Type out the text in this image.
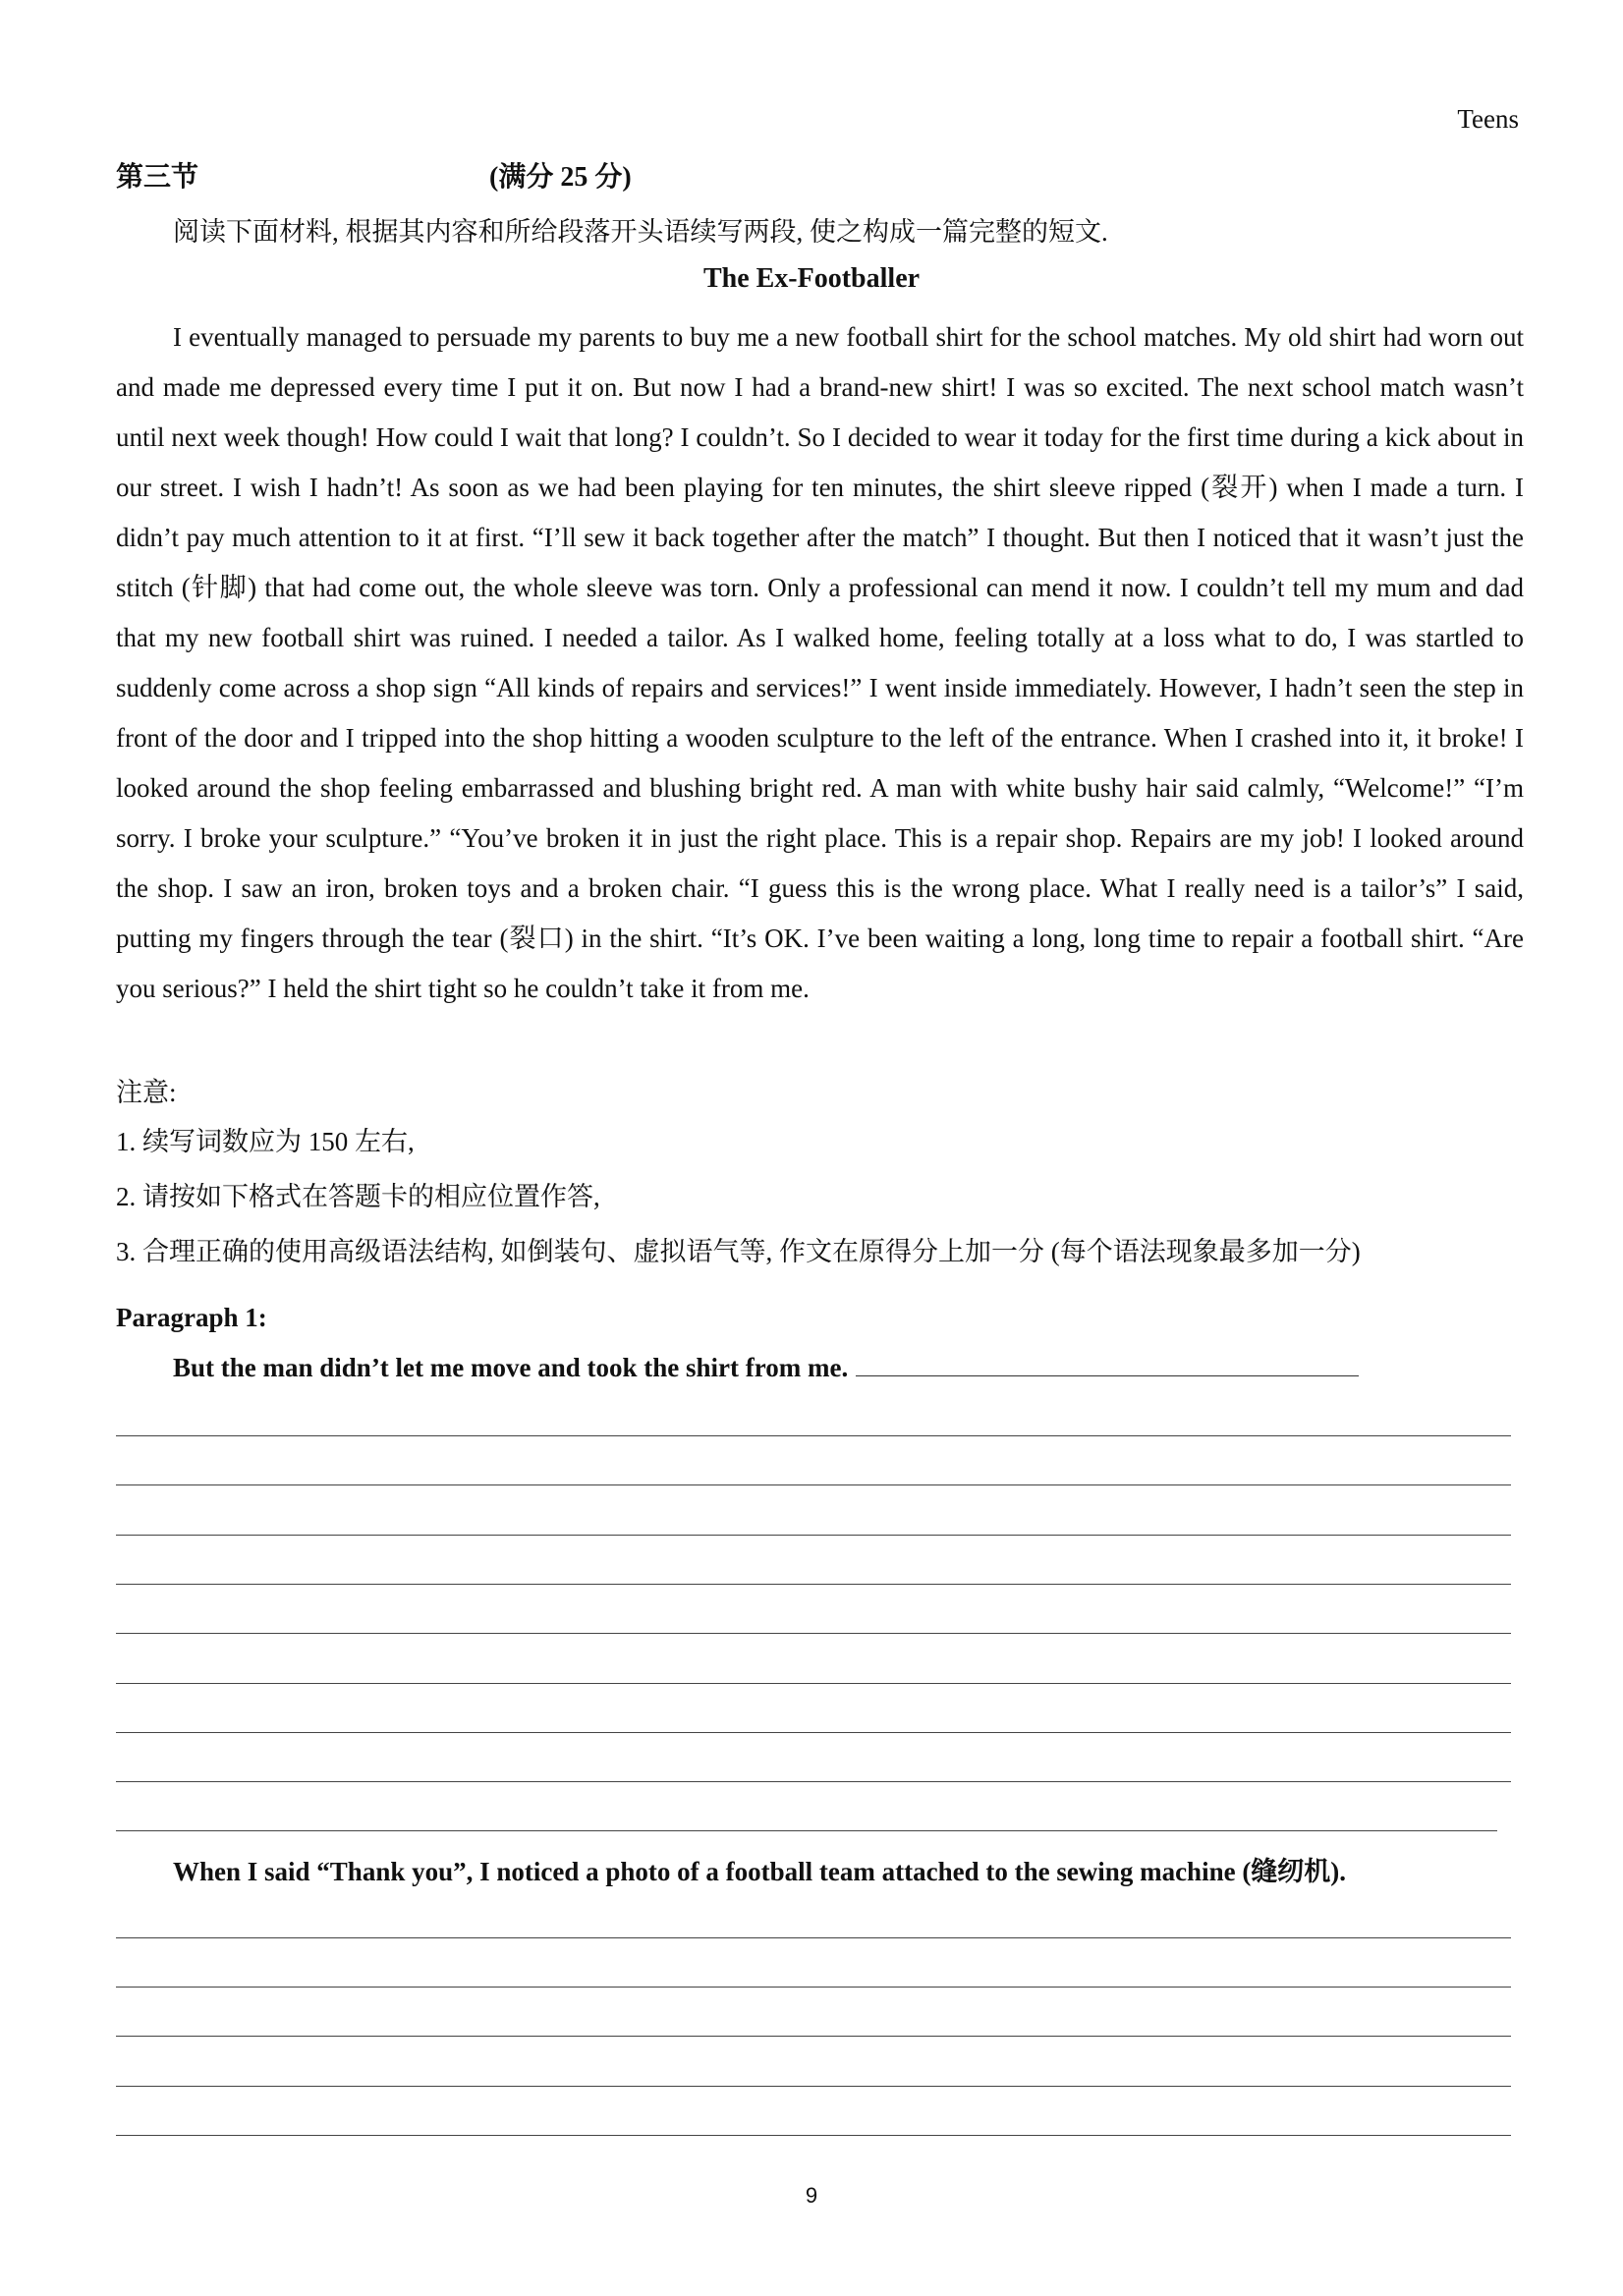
Teens
第三节	(满分 25 分)
阅读下面材料, 根据其内容和所给段落开头语续写两段, 使之构成一篇完整的短文.
The Ex-Footballer

I eventually managed to persuade my parents to buy me a new football shirt for the school matches. My old shirt had worn out and made me depressed every time I put it on. But now I had a brand-new shirt! I was so excited. The next school match wasn’t until next week though! How could I wait that long? I couldn’t. So I decided to wear it today for the first time during a kick about in our street. I wish I hadn’t! As soon as we had been playing for ten minutes, the shirt sleeve ripped (裂开) when I made a turn. I didn’t pay much attention to it at first. “I’ll sew it back together after the match” I thought. But then I noticed that it wasn’t just the stitch (针脚) that had come out, the whole sleeve was torn. Only a professional can mend it now. I couldn’t tell my mum and dad that my new football shirt was ruined. I needed a tailor. As I walked home, feeling totally at a loss what to do, I was startled to suddenly come across a shop sign “All kinds of repairs and services!” I went inside immediately. However, I hadn’t seen the step in front of the door and I tripped into the shop hitting a wooden sculpture to the left of the entrance. When I crashed into it, it broke! I looked around the shop feeling embarrassed and blushing bright red. A man with white bushy hair said calmly, “Welcome!” “I’m sorry. I broke your sculpture.” “You’ve broken it in just the right place. This is a repair shop. Repairs are my job! I looked around the shop. I saw an iron, broken toys and a broken chair. “I guess this is the wrong place. What I really need is a tailor’s” I said, putting my fingers through the tear (裂口) in the shirt. “It’s OK. I’ve been waiting a long, long time to repair a football shirt. “Are you serious?” I held the shirt tight so he couldn’t take it from me.

注意:
1. 续写词数应为 150 左右,
2. 请按如下格式在答题卡的相应位置作答,
3. 合理正确的使用高级语法结构, 如倒装句、虚拟语气等, 作文在原得分上加一分 (每个语法现象最多加一分)
Paragraph 1:
But the man didn’t let me move and took the shirt from me.
When I said “Thank you”, I noticed a photo of a football team attached to the sewing machine (缝纫机).
9
